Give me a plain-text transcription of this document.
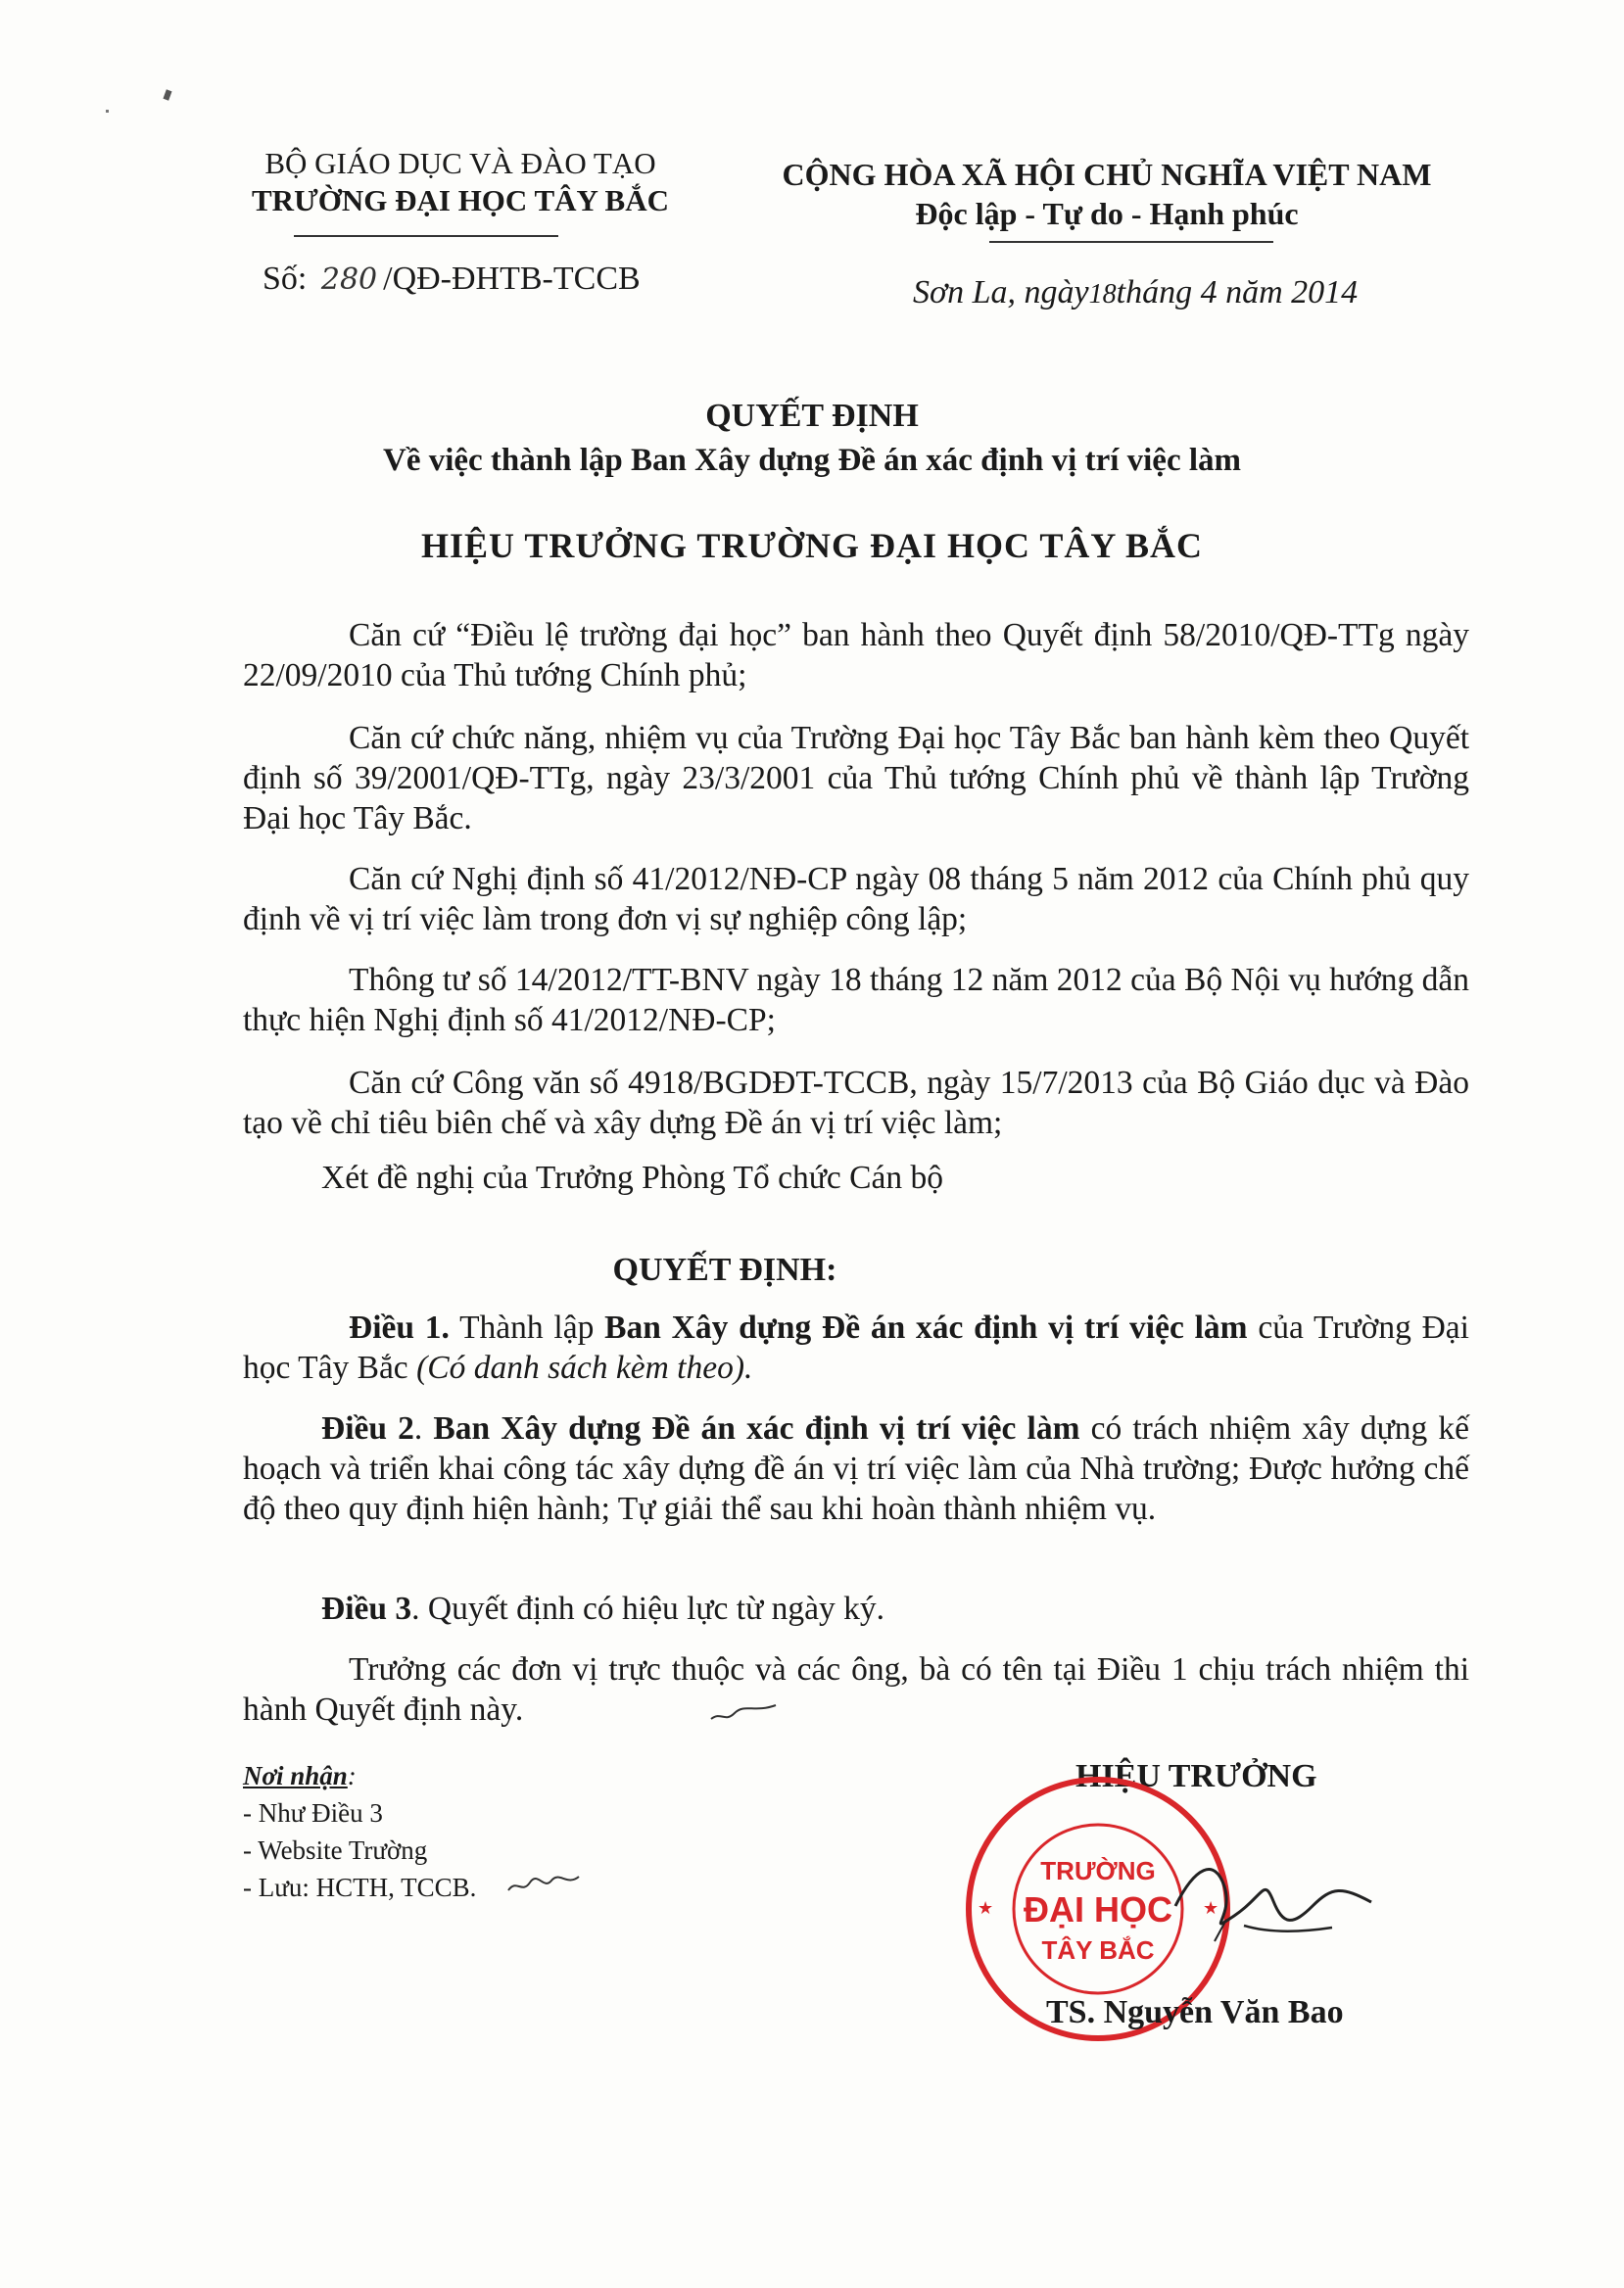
BỘ GIÁO DỤC VÀ ĐÀO TẠO
TRƯỜNG ĐẠI HỌC TÂY BẮC
Số: 280 /QĐ-ĐHTB-TCCB
CỘNG HÒA XÃ HỘI CHỦ NGHĨA VIỆT NAM
Độc lập - Tự do - Hạnh phúc
Sơn La, ngày18tháng 4 năm 2014
QUYẾT ĐỊNH
Về việc thành lập Ban Xây dựng Đề án xác định vị trí việc làm
HIỆU TRƯỞNG TRƯỜNG ĐẠI HỌC TÂY BẮC
Căn cứ “Điều lệ trường đại học” ban hành theo Quyết định 58/2010/QĐ-TTg ngày 22/09/2010 của Thủ tướng Chính phủ;
Căn cứ chức năng, nhiệm vụ của Trường Đại học Tây Bắc ban hành kèm theo Quyết định số 39/2001/QĐ-TTg, ngày 23/3/2001 của Thủ tướng Chính phủ về thành lập Trường Đại học Tây Bắc.
Căn cứ Nghị định số 41/2012/NĐ-CP ngày 08 tháng 5 năm 2012 của Chính phủ quy định về vị trí việc làm trong đơn vị sự nghiệp công lập;
Thông tư số 14/2012/TT-BNV ngày 18 tháng 12 năm 2012 của Bộ Nội vụ hướng dẫn thực hiện Nghị định số 41/2012/NĐ-CP;
Căn cứ Công văn số 4918/BGDĐT-TCCB, ngày 15/7/2013 của Bộ Giáo dục và Đào tạo về chỉ tiêu biên chế và xây dựng Đề án vị trí việc làm;
Xét đề nghị của Trưởng Phòng Tổ chức Cán bộ
QUYẾT ĐỊNH:
Điều 1. Thành lập Ban Xây dựng Đề án xác định vị trí việc làm của Trường Đại học Tây Bắc (Có danh sách kèm theo).
Điều 2. Ban Xây dựng Đề án xác định vị trí việc làm có trách nhiệm xây dựng kế hoạch và triển khai công tác xây dựng đề án vị trí việc làm của Nhà trường; Được hưởng chế độ theo quy định hiện hành; Tự giải thể sau khi hoàn thành nhiệm vụ.
Điều 3. Quyết định có hiệu lực từ ngày ký.
Trưởng các đơn vị trực thuộc và các ông, bà có tên tại Điều 1 chịu trách nhiệm thi hành Quyết định này.
Nơi nhận:
- Như Điều 3
- Website Trường
- Lưu: HCTH, TCCB.
HIỆU TRƯỞNG
TRƯỜNG
ĐẠI HỌC
TÂY BẮC
★	★
TS. Nguyễn Văn Bao
